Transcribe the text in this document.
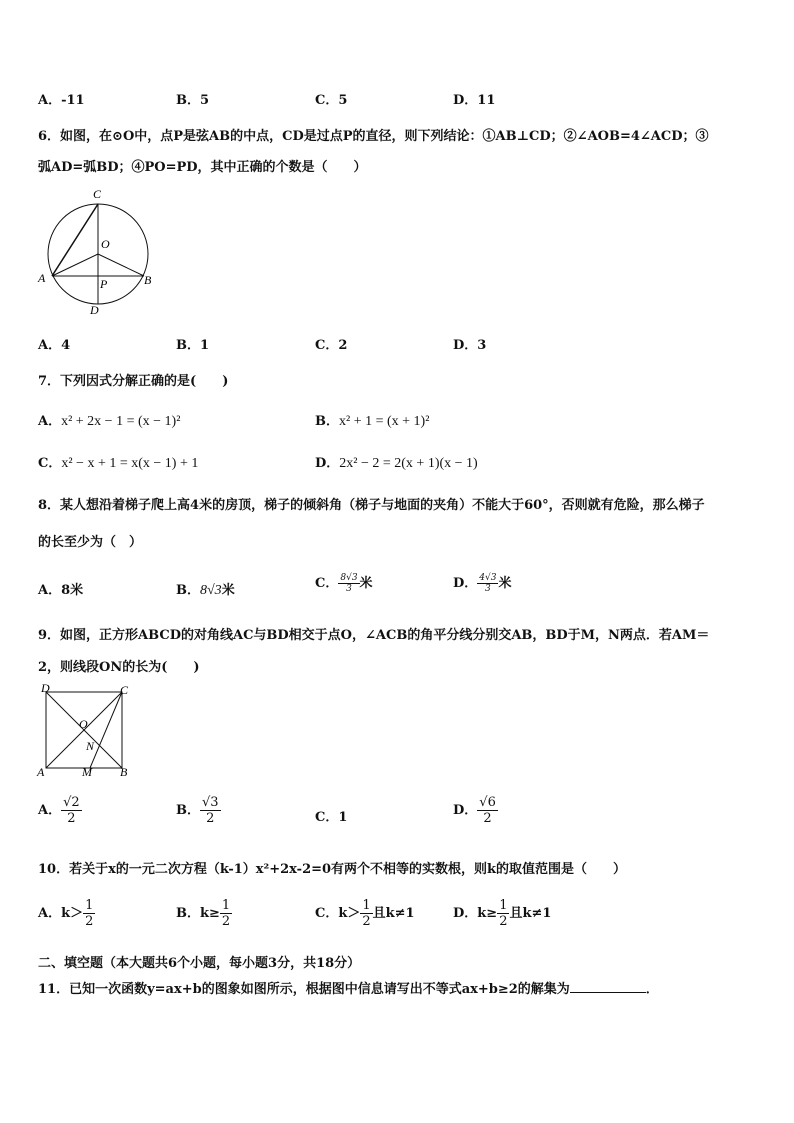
A．-11	B．5	C．5	D．11
6．如图，在⊙O中，点P是弦AB的中点，CD是过点P的直径，则下列结论：①AB⊥CD；②∠AOB=4∠ACD；③
弧AD=弧BD；④PO=PD，其中正确的个数是（　　）
C
O
A	B
P
D
A．4	B．1	C．2	D．3
7．下列因式分解正确的是(　　)
A．x² + 2x − 1 = (x − 1)²	B．x² + 1 = (x + 1)²
C．x² − x + 1 = x(x − 1) + 1	D．2x² − 2 = 2(x + 1)(x − 1)
8．某人想沿着梯子爬上高4米的房顶，梯子的倾斜角（梯子与地面的夹角）不能大于60°，否则就有危险，那么梯子
的长至少为（　）
A．8米	B．8√3米	C． $\frac{8√3}{3}$ 米	D． $\frac{4√3}{3}$ 米
9．如图，正方形ABCD的对角线AC与BD相交于点O，∠ACB的角平分线分别交AB，BD于M，N两点．若AM＝
2，则线段ON的长为(　　)
D	C
O
N
A	M B
A． $\frac{√2}{2}$	B． $\frac{√3}{2}$	C．1	D． $\frac{√6}{2}$
10．若关于x的一元二次方程（k-1）x²+2x-2=0有两个不相等的实数根，则k的取值范围是（　　）
A．$k> \frac{1}{2}$	B．$k\ge \frac{1}{2}$	C．$k> \frac{1}{2}$ 且k≠1	D．$k\ge \frac{1}{2}$ 且k≠1
二、填空题（本大题共6个小题，每小题3分，共18分）
11．已知一次函数y=ax+b的图象如图所示，根据图中信息请写出不等式ax+b≥2的解集为	．
